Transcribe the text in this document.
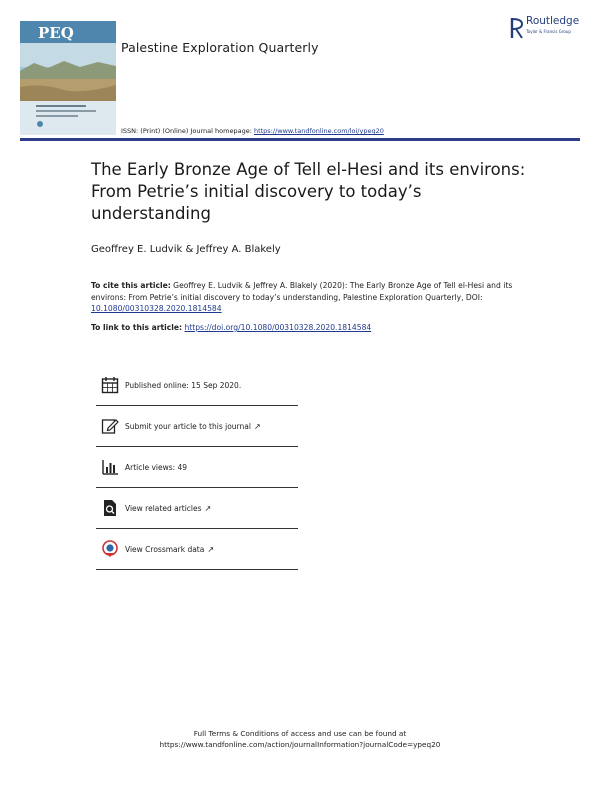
PEQ
Palestine Exploration Quarterly
Routledge
Taylor & Francis Group
ISSN: (Print) (Online) Journal homepage: https://www.tandfonline.com/loi/ypeq20
The Early Bronze Age of Tell el-Hesi and its environs: From Petrie’s initial discovery to today’s understanding
Geoffrey E. Ludvik & Jeffrey A. Blakely
To cite this article: Geoffrey E. Ludvik & Jeffrey A. Blakely (2020): The Early Bronze Age of Tell el-Hesi and its environs: From Petrie’s initial discovery to today’s understanding, Palestine Exploration Quarterly, DOI: 10.1080/00310328.2020.1814584
To link to this article: https://doi.org/10.1080/00310328.2020.1814584
Published online: 15 Sep 2020.
Submit your article to this journal ↗
Article views: 49
View related articles ↗
View Crossmark data ↗
Full Terms & Conditions of access and use can be found at
https://www.tandfonline.com/action/journalInformation?journalCode=ypeq20
